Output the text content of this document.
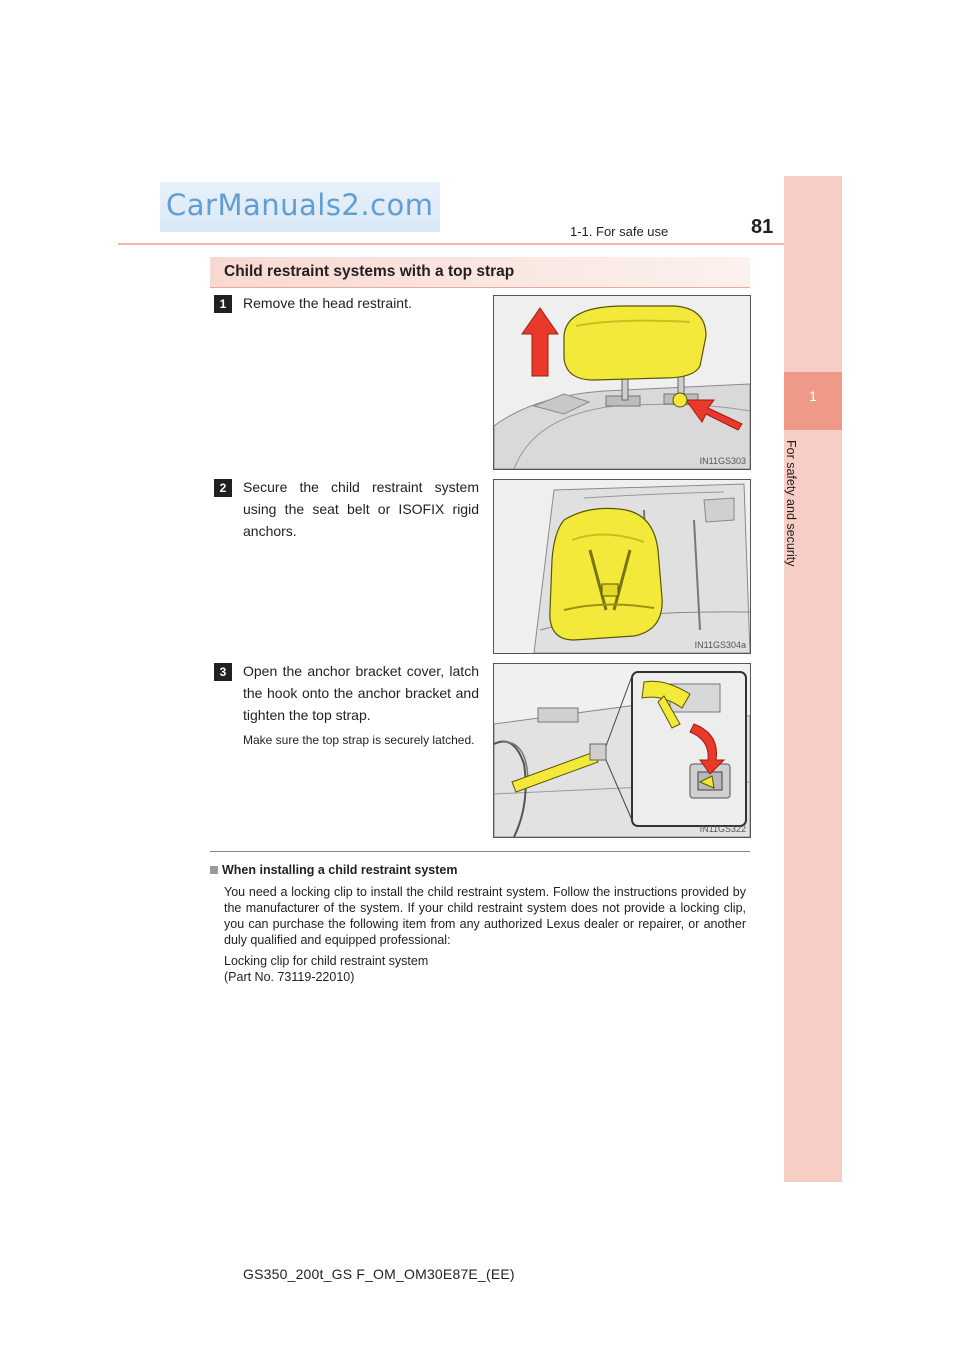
CarManuals2.com
1-1. For safe use	81
1
For safety and security
Child restraint systems with a top strap
1	Remove the head restraint.
IN11GS303
2	Secure the child restraint system using the seat belt or ISOFIX rigid anchors.
IN11GS304a
3	Open the anchor bracket cover, latch the hook onto the anchor bracket and tighten the top strap.
Make sure the top strap is securely latched.
IN11GS322
When installing a child restraint system
You need a locking clip to install the child restraint system. Follow the instructions provided by the manufacturer of the system. If your child restraint system does not provide a locking clip, you can purchase the following item from any authorized Lexus dealer or repairer, or another duly qualified and equipped professional:
Locking clip for child restraint system
(Part No. 73119-22010)
GS350_200t_GS F_OM_OM30E87E_(EE)
